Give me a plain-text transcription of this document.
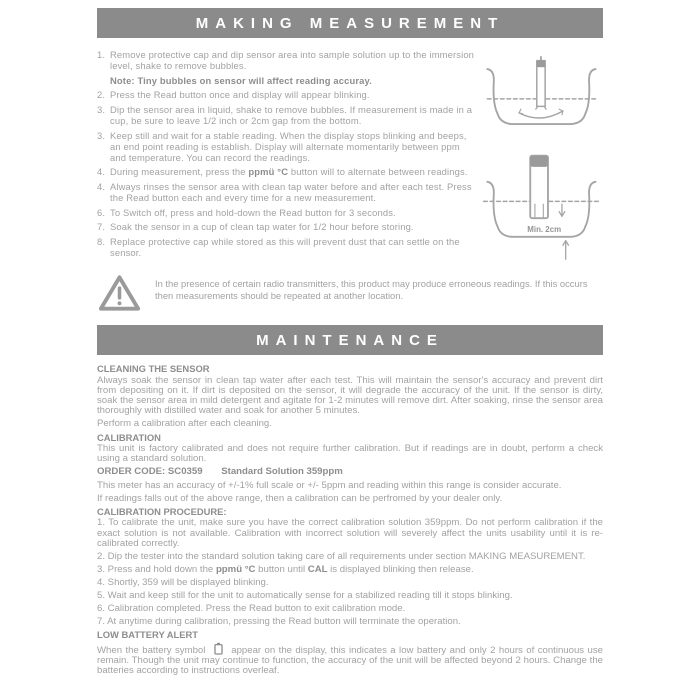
MAKING MEASUREMENT
1. Remove protective cap and dip sensor area into sample solution up to the immersion level, shake to remove bubbles.
Note: Tiny bubbles on sensor will affect reading accuray.
2. Press the Read button once and display will appear blinking.
3. Dip the sensor area in liquid, shake to remove bubbles. If measurement is made in a cup, be sure to leave 1/2 inch or 2cm gap from the bottom.
3. Keep still and wait for a stable reading. When the display stops blinking and beeps, an end point reading is establish. Display will alternate momentarily between ppm and temperature. You can record the readings.
4. During measurement, press the ppmü °C button will to alternate between readings.
4. Always rinses the sensor area with clean tap water before and after each test. Press the Read button each and every time for a new measurement.
6. To Switch off, press and hold-down the Read button for 3 seconds.
7. Soak the sensor in a cup of clean tap water for 1/2 hour before storing.
8. Replace protective cap while stored as this will prevent dust that can settle on the sensor.
Min. 2cm
In the presence of certain radio transmitters, this product may produce erroneous readings. If this occurs then measurements should be repeated at another location.
MAINTENANCE
CLEANING THE SENSOR
Always soak the sensor in clean tap water after each test. This will maintain the sensor's accuracy and prevent dirt from depositing on it. If dirt is deposited on the sensor, it will degrade the accuracy of the unit. If the sensor is dirty, soak the sensor area in mild detergent and agitate for 1-2 minutes will remove dirt. After soaking, rinse the sensor area thoroughly with distilled water and soak for another 5 minutes.
Perform a calibration after each cleaning.
CALIBRATION
This unit is factory calibrated and does not require further calibration. But if readings are in doubt, perform a check using a standard solution.
ORDER CODE: SC0359 Standard Solution 359ppm
This meter has an accuracy of +/-1% full scale or +/- 5ppm and reading within this range is consider accurate.
If readings falls out of the above range, then a calibration can be perfromed by your dealer only.
CALIBRATION PROCEDURE:
1. To calibrate the unit, make sure you have the correct calibration solution 359ppm. Do not perform calibration if the exact solution is not available. Calibration with incorrect solution will severely affect the units usability until it is re-calibrated correctly.
2. Dip the tester into the standard solution taking care of all requirements under section MAKING MEASUREMENT.
3. Press and hold down the ppmü °C button until CAL is displayed blinking then release.
4. Shortly, 359 will be displayed blinking.
5. Wait and keep still for the unit to automatically sense for a stabilized reading till it stops blinking.
6. Calibration completed. Press the Read button to exit calibration mode.
7. At anytime during calibration, pressing the Read button will terminate the operation.
LOW BATTERY ALERT
When the battery symbol  appear on the display, this indicates a low battery and only 2 hours of continuous use remain. Though the unit may continue to function, the accuracy of the unit will be affected beyond 2 hours. Change the batteries according to instructions overleaf.
